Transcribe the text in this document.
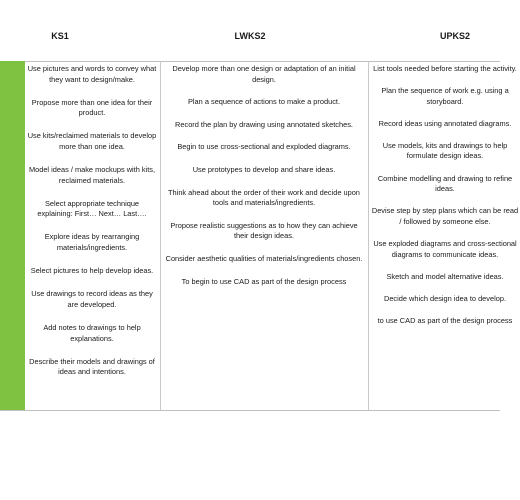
KS1	LWKS2	UPKS2
Use pictures and words to convey what they want to design/make.
Propose more than one idea for their product.
Use kits/reclaimed materials to develop more than one idea.
Model ideas / make mockups with kits, reclaimed materials.
Select appropriate technique explaining: First… Next… Last….
Explore ideas by rearranging materials/ingredients.
Select pictures to help develop ideas.
Use drawings to record ideas as they are developed.
Add notes to drawings to help explanations.
Describe their models and drawings of ideas and intentions.
Develop more than one design or adaptation of an initial design.
Plan a sequence of actions to make a product.
Record the plan by drawing using annotated sketches.
Begin to use cross-sectional and exploded diagrams.
Use prototypes to develop and share ideas.
Think ahead about the order of their work and decide upon tools and materials/ingredients.
Propose realistic suggestions as to how they can achieve their design ideas.
Consider aesthetic qualities of materials/ingredients chosen.
To begin to use CAD as part of the design process
List tools needed before starting the activity.
Plan the sequence of work e.g. using a storyboard.
Record ideas using annotated diagrams.
Use models, kits and drawings to help formulate design ideas.
Combine modelling and drawing to refine ideas.
Devise step by step plans which can be read / followed by someone else.
Use exploded diagrams and cross-sectional diagrams to communicate ideas.
Sketch and model alternative ideas.
Decide which design idea to develop.
to use CAD as part of the design process
